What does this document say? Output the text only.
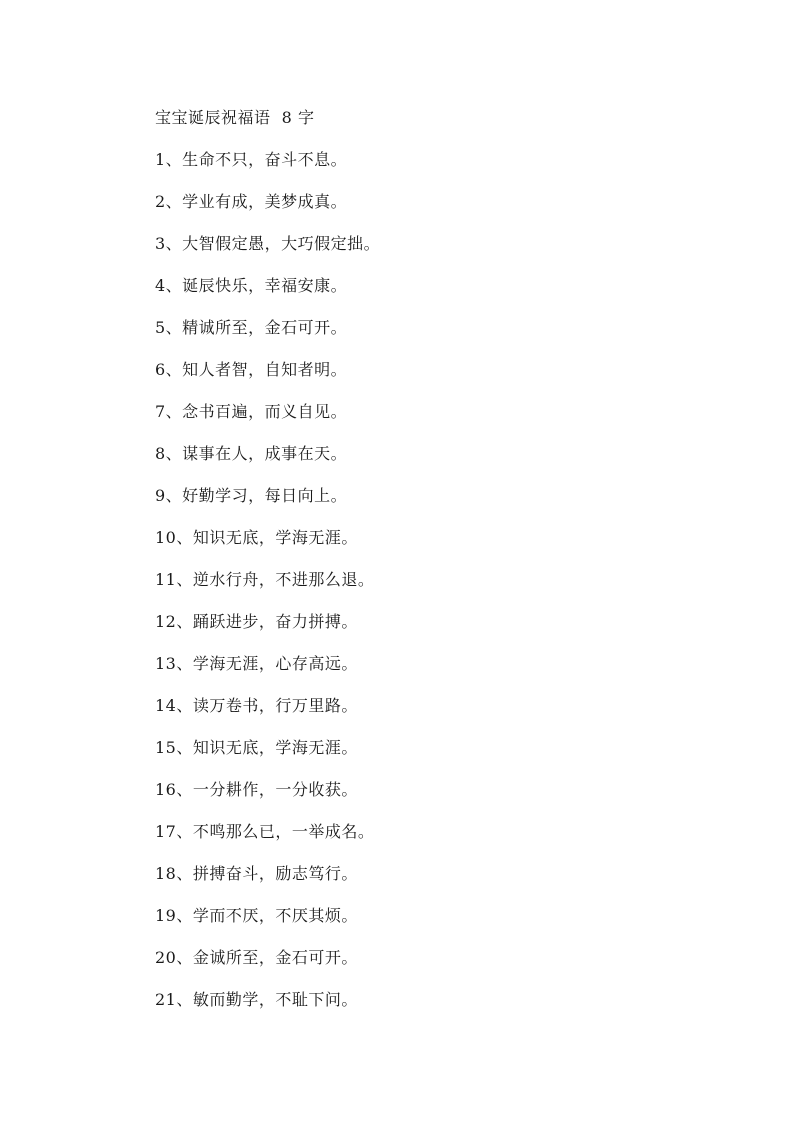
宝宝诞辰祝福语  8 字
1、生命不只，奋斗不息。
2、学业有成，美梦成真。
3、大智假定愚，大巧假定拙。
4、诞辰快乐，幸福安康。
5、精诚所至，金石可开。
6、知人者智，自知者明。
7、念书百遍，而义自见。
8、谋事在人，成事在天。
9、好勤学习，每日向上。
10、知识无底，学海无涯。
11、逆水行舟，不进那么退。
12、踊跃进步，奋力拼搏。
13、学海无涯，心存高远。
14、读万卷书，行万里路。
15、知识无底，学海无涯。
16、一分耕作，一分收获。
17、不鸣那么已，一举成名。
18、拼搏奋斗，励志笃行。
19、学而不厌，不厌其烦。
20、金诚所至，金石可开。
21、敏而勤学，不耻下问。
